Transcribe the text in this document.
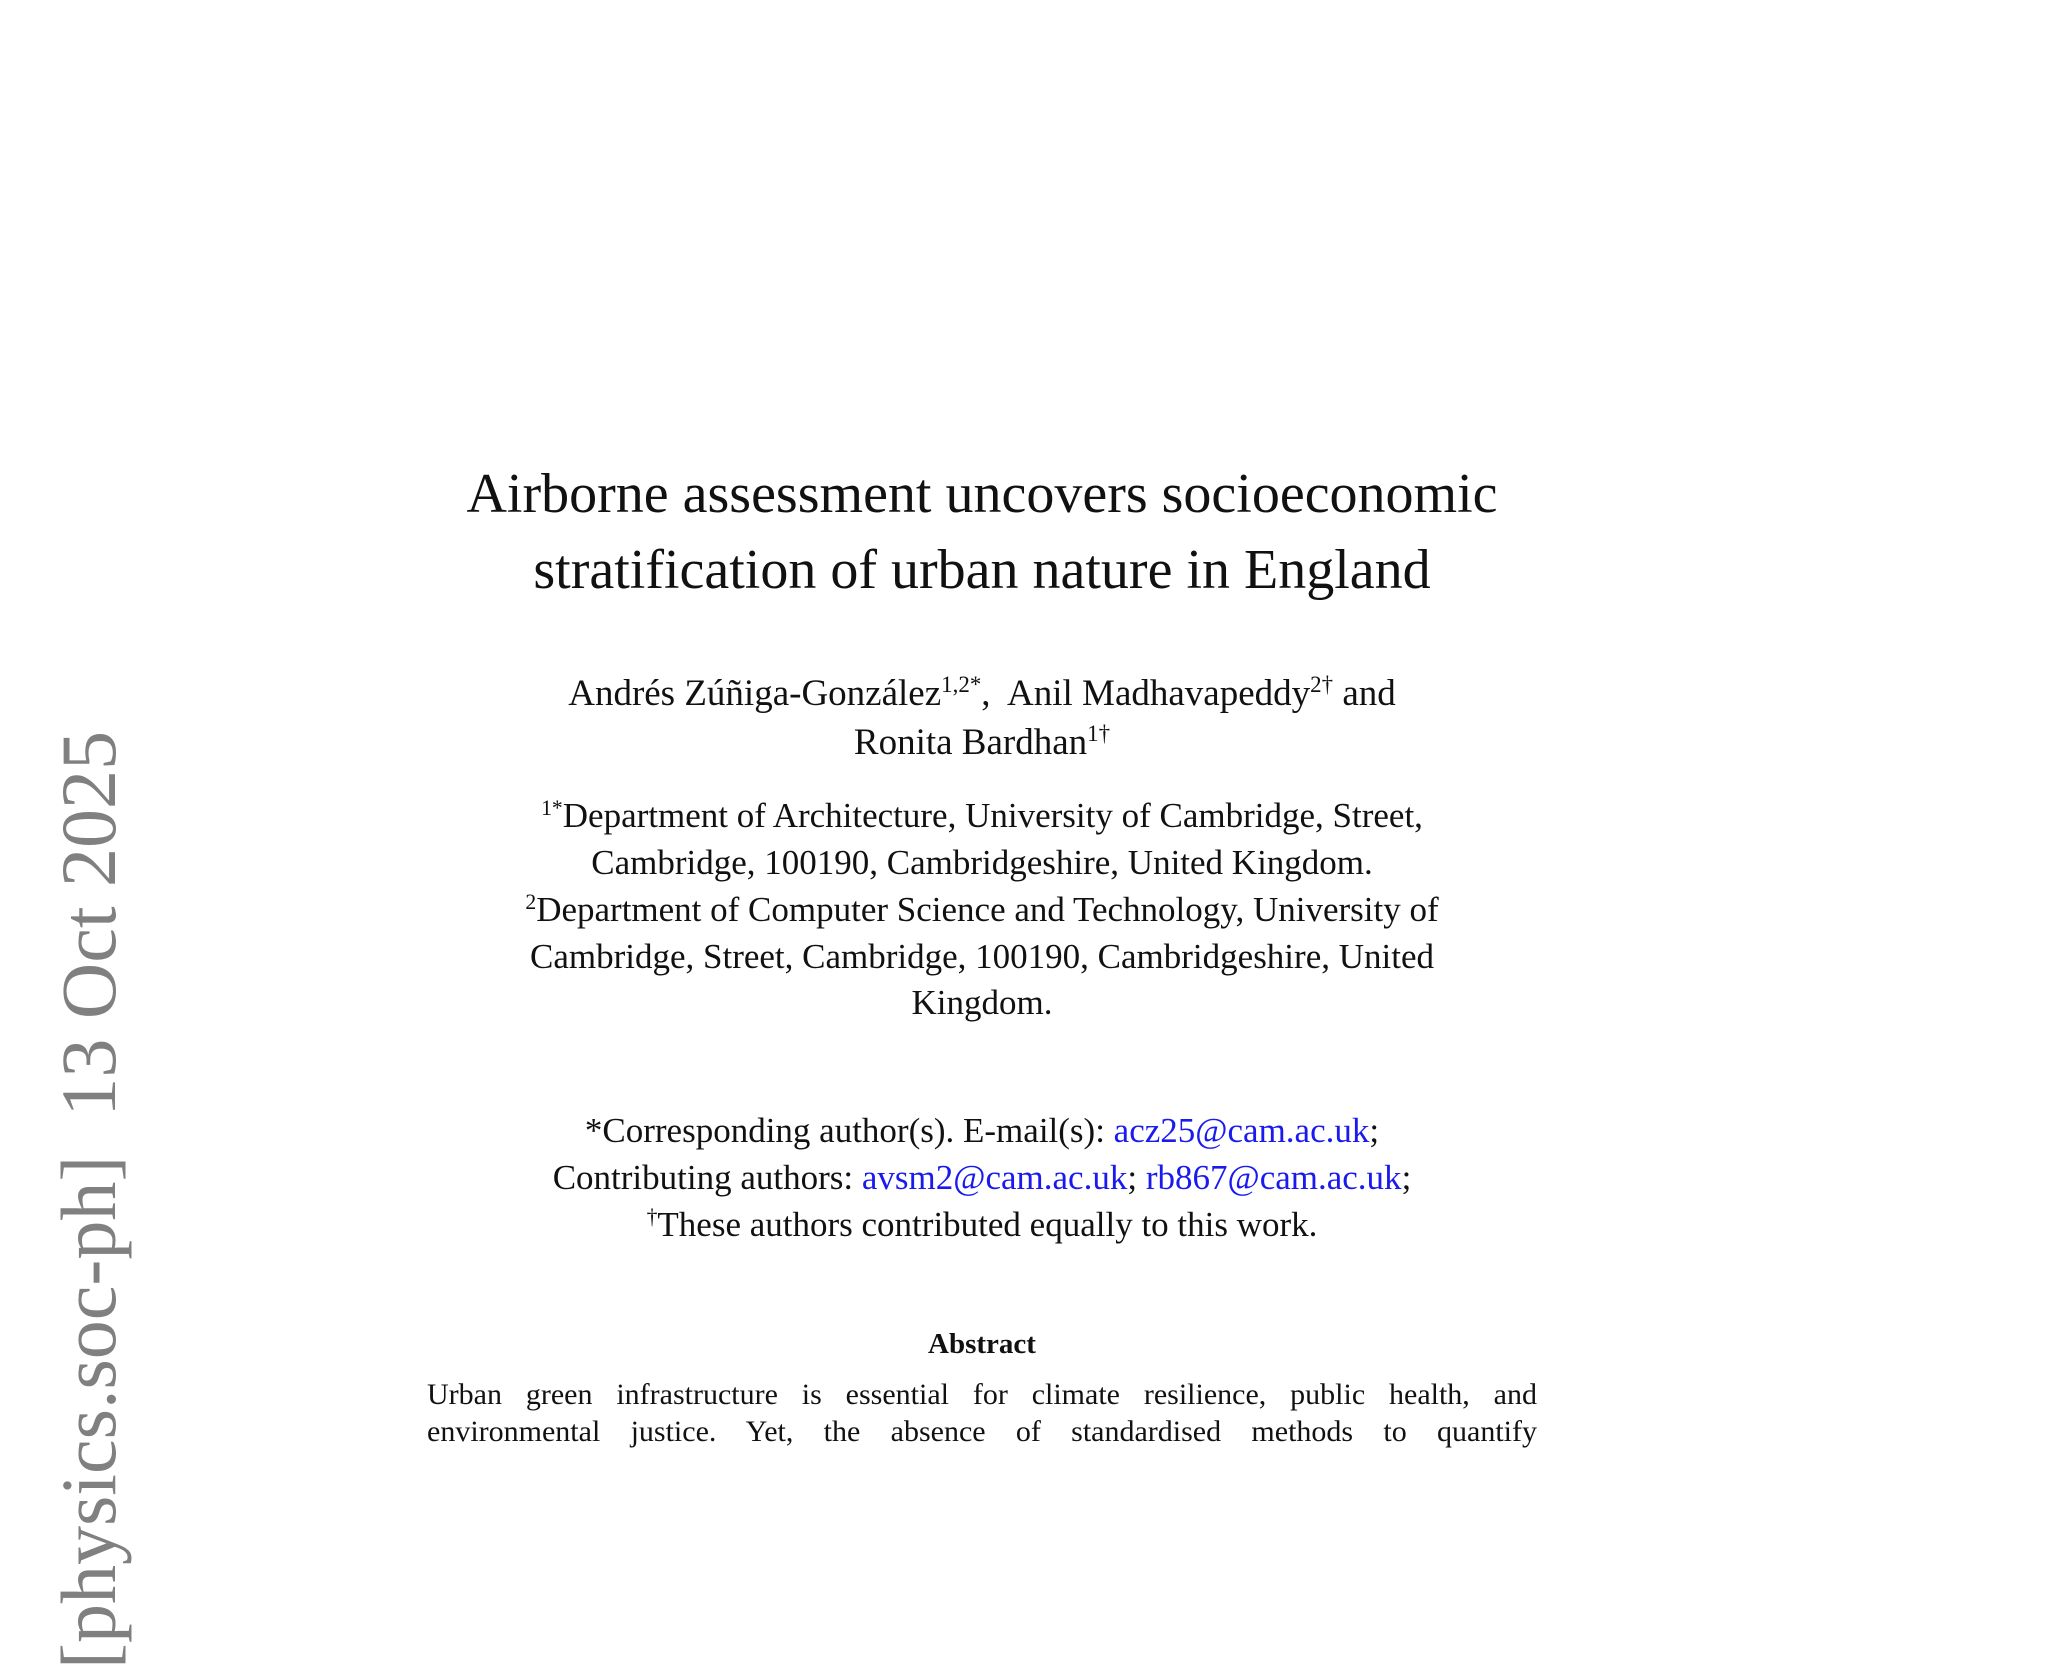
[physics.soc-ph]  13 Oct 2025
Airborne assessment uncovers socioeconomic
stratification of urban nature in England
Andrés Zúñiga-González$^{1,2*}$,  Anil Madhavapeddy$^{2\dagger}$ and
Ronita Bardhan$^{1\dagger}$
$^{1*}$Department of Architecture, University of Cambridge, Street,
Cambridge, 100190, Cambridgeshire, United Kingdom.
$^2$Department of Computer Science and Technology, University of
Cambridge, Street, Cambridge, 100190, Cambridgeshire, United
Kingdom.
*Corresponding author(s). E-mail(s): acz25@cam.ac.uk;
Contributing authors: avsm2@cam.ac.uk; rb867@cam.ac.uk;
†These authors contributed equally to this work.
Abstract
Urban green infrastructure is essential for climate resilience, public health, and
environmental justice. Yet, the absence of standardised methods to quantify
